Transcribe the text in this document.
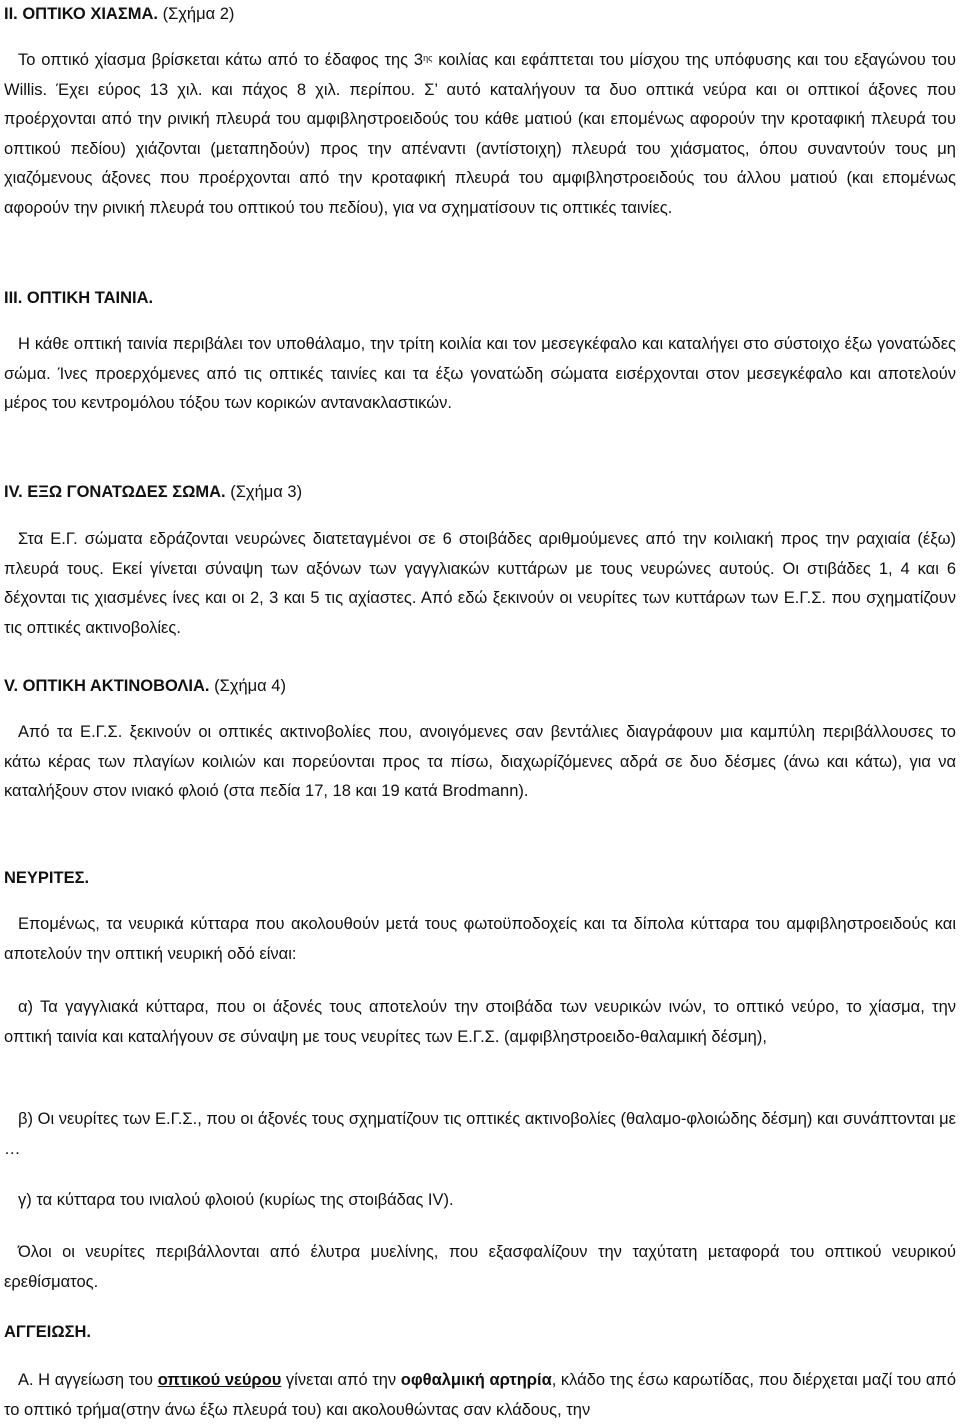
II. ΟΠΤΙΚΟ ΧΙΑΣΜΑ. (Σχήμα 2)

Το οπτικό χίασμα βρίσκεται κάτω από το έδαφος της $3^{\eta\varsigma}$ κοιλίας και εφάπτεται του μίσχου της υπόφυσης και του εξαγώνου του Willis. Έχει εύρος 13 χιλ. και πάχος 8 χιλ. περίπου. Σ’ αυτό καταλήγουν τα δυο οπτικά νεύρα και οι οπτικοί άξονες που προέρχονται από την ρινική πλευρά του αμφιβληστροειδούς του κάθε ματιού (και επομένως αφορούν την κροταφική πλευρά του οπτικού πεδίου) χιάζονται (μεταπηδούν) προς την απέναντι (αντίστοιχη) πλευρά του χιάσματος, όπου συναντούν τους μη χιαζόμενους άξονες που προέρχονται από την κροταφική πλευρά του αμφιβληστροειδούς του άλλου ματιού (και επομένως αφορούν την ρινική πλευρά του οπτικού του πεδίου), για να σχηματίσουν τις οπτικές ταινίες.

III. ΟΠΤΙΚΗ ΤΑΙΝΙΑ.

Η κάθε οπτική ταινία περιβάλει τον υποθάλαμο, την τρίτη κοιλία και τον μεσεγκέφαλο και καταλήγει στο σύστοιχο έξω γονατώδες σώμα. Ίνες προερχόμενες από τις οπτικές ταινίες και τα έξω γονατώδη σώματα εισέρχονται στον μεσεγκέφαλο και αποτελούν μέρος του κεντρομόλου τόξου των κορικών αντανακλαστικών.

IV. ΕΞΩ ΓΟΝΑΤΩΔΕΣ ΣΩΜΑ. (Σχήμα 3)

Στα Ε.Γ. σώματα εδράζονται νευρώνες διατεταγμένοι σε 6 στοιβάδες αριθμούμενες από την κοιλιακή προς την ραχιαία (έξω) πλευρά τους. Εκεί γίνεται σύναψη των αξόνων των γαγγλιακών κυττάρων με τους νευρώνες αυτούς. Οι στιβάδες 1, 4 και 6 δέχονται τις χιασμένες ίνες και οι 2, 3 και 5 τις αχίαστες. Από εδώ ξεκινούν οι νευρίτες των κυττάρων των Ε.Γ.Σ. που σχηματίζουν τις οπτικές ακτινοβολίες.

V. ΟΠΤΙΚΗ ΑΚΤΙΝΟΒΟΛΙΑ. (Σχήμα 4)

Από τα Ε.Γ.Σ. ξεκινούν οι οπτικές ακτινοβολίες που, ανοιγόμενες σαν βεντάλιες διαγράφουν μια καμπύλη περιβάλλουσες το κάτω κέρας των πλαγίων κοιλιών και πορεύονται προς τα πίσω, διαχωρίζόμενες αδρά σε δυο δέσμες (άνω και κάτω), για να καταλήξουν στον ινιακό φλοιό (στα πεδία 17, 18 και 19 κατά Brodmann).

ΝΕΥΡΙΤΕΣ.

Επομένως, τα νευρικά κύτταρα που ακολουθούν μετά τους φωτοϋποδοχείς και τα δίπολα κύτταρα του αμφιβληστροειδούς και αποτελούν την οπτική νευρική οδό είναι:

α) Τα γαγγλιακά κύτταρα, που οι άξονές τους αποτελούν την στοιβάδα των νευρικών ινών, το οπτικό νεύρο, το χίασμα, την οπτική ταινία και καταλήγουν σε σύναψη με τους νευρίτες των Ε.Γ.Σ. (αμφιβληστροειδο-θαλαμική δέσμη),

β) Οι νευρίτες των Ε.Γ.Σ., που οι άξονές τους σχηματίζουν τις οπτικές ακτινοβολίες (θαλαμο-φλοιώδης δέσμη) και συνάπτονται με …

γ) τα κύτταρα του ινιαλού φλοιού (κυρίως της στοιβάδας IV).

Όλοι οι νευρίτες περιβάλλονται από έλυτρα μυελίνης, που εξασφαλίζουν την ταχύτατη μεταφορά του οπτικού νευρικού ερεθίσματος.

ΑΓΓΕΙΩΣΗ.

Α. Η αγγείωση του οπτικού νεύρου γίνεται από την οφθαλμική αρτηρία, κλάδο της έσω καρωτίδας, που διέρχεται μαζί του από το οπτικό τρήμα(στην άνω έξω πλευρά του) και ακολουθώντας σαν κλάδους, την
